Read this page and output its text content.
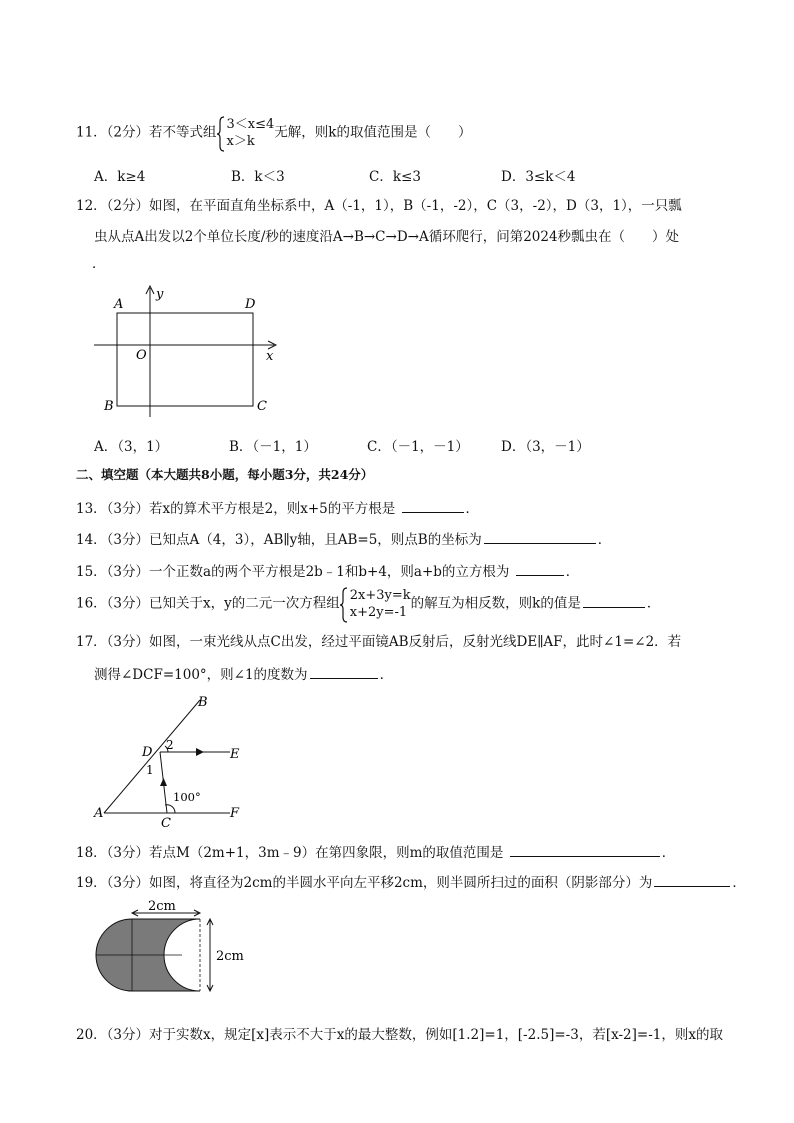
11．（2分）若不等式组 3＜x≤4
x＞k
无解，则k的取值范围是（　　）
A．k≥4	B．k＜3	C．k≤3	D．3≤k＜4
12．（2分）如图，在平面直角坐标系中，A（-1，1），B（-1，-2），C（3，-2），D（3，1），一只瓢
虫从点A出发以2个单位长度/秒的速度沿A→B→C→D→A循环爬行，问第2024秒瓢虫在（　　）处
．
A	D
B	C
O	x
y
A．（3，1）	B．（－1，1）	C．（－1，－1） D．（3，－1）
二、填空题（本大题共8小题，每小题3分，共24分）
13．（3分）若x的算术平方根是2，则x+5的平方根是	．
14．（3分）已知点A（4，3），AB∥y轴，且AB=5，则点B的坐标为	．
15．（3分）一个正数a的两个平方根是2b﹣1和b+4，则a+b的立方根为	．
16．（3分）已知关于x，y的二元一次方程组 2x+3y=k
x+2y=-1
的解互为相反数，则k的值是	．
17．（3分）如图，一束光线从点C出发，经过平面镜AB反射后，反射光线DE∥AF，此时∠1=∠2．若
测得∠DCF=100°，则∠1的度数为	．
B
D	E
A
C
F
1
2
100°
18．（3分）若点M（2m+1，3m﹣9）在第四象限，则m的取值范围是	．
19．（3分）如图，将直径为2cm的半圆水平向左平移2cm，则半圆所扫过的面积（阴影部分）为	．
2cm
2cm
20．（3分）对于实数x，规定[x]表示不大于x的最大整数，例如[1.2]=1，[-2.5]=-3，若[x-2]=-1，则x的取
